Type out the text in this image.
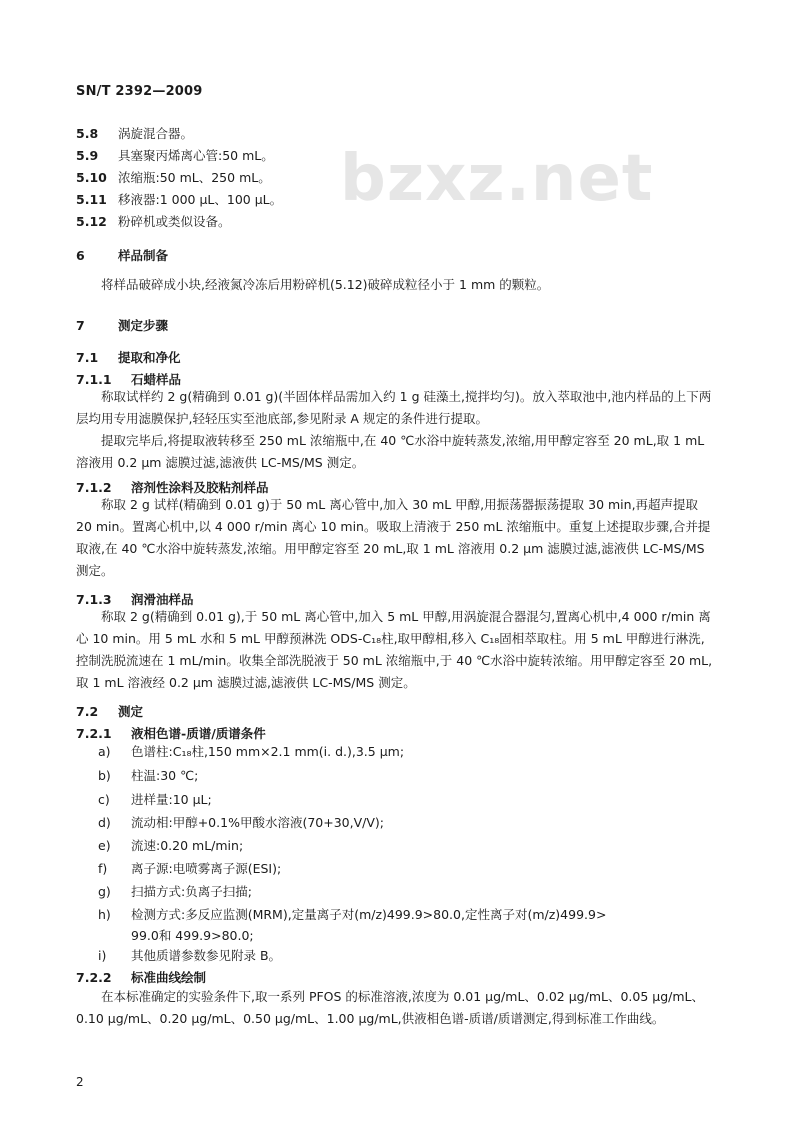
SN/T 2392—2009
bzxz.net
5.8 涡旋混合器。
5.9 具塞聚丙烯离心管:50 mL。
5.10 浓缩瓶:50 mL、250 mL。
5.11 移液器:1 000 μL、100 μL。
5.12 粉碎机或类似设备。
6	样品制备
将样品破碎成小块,经液氮冷冻后用粉碎机(5.12)破碎成粒径小于 1 mm 的颗粒。
7	测定步骤
7.1 提取和净化
7.1.1 石蜡样品
称取试样约 2 g(精确到 0.01 g)(半固体样品需加入约 1 g 硅藻土,搅拌均匀)。放入萃取池中,池内样品的上下两层均用专用滤膜保护,轻轻压实至池底部,参见附录 A 规定的条件进行提取。
提取完毕后,将提取液转移至 250 mL 浓缩瓶中,在 40 ℃水浴中旋转蒸发,浓缩,用甲醇定容至 20 mL,取 1 mL 溶液用 0.2 μm 滤膜过滤,滤液供 LC-MS/MS 测定。
7.1.2 溶剂性涂料及胶粘剂样品
称取 2 g 试样(精确到 0.01 g)于 50 mL 离心管中,加入 30 mL 甲醇,用振荡器振荡提取 30 min,再超声提取 20 min。置离心机中,以 4 000 r/min 离心 10 min。吸取上清液于 250 mL 浓缩瓶中。重复上述提取步骤,合并提取液,在 40 ℃水浴中旋转蒸发,浓缩。用甲醇定容至 20 mL,取 1 mL 溶液用 0.2 μm 滤膜过滤,滤液供 LC-MS/MS 测定。
7.1.3 润滑油样品
称取 2 g(精确到 0.01 g),于 50 mL 离心管中,加入 5 mL 甲醇,用涡旋混合器混匀,置离心机中,4 000 r/min 离心 10 min。用 5 mL 水和 5 mL 甲醇预淋洗 ODS-C₁₈柱,取甲醇相,移入 C₁₈固相萃取柱。用 5 mL 甲醇进行淋洗,控制洗脱流速在 1 mL/min。收集全部洗脱液于 50 mL 浓缩瓶中,于 40 ℃水浴中旋转浓缩。用甲醇定容至 20 mL,取 1 mL 溶液经 0.2 μm 滤膜过滤,滤液供 LC-MS/MS 测定。
7.2 测定
7.2.1 液相色谱-质谱/质谱条件
a) 色谱柱:C₁₈柱,150 mm×2.1 mm(i. d.),3.5 μm;
b) 柱温:30 ℃;
c) 进样量:10 μL;
d) 流动相:甲醇+0.1%甲酸水溶液(70+30,V/V);
e) 流速:0.20 mL/min;
f) 离子源:电喷雾离子源(ESI);
g) 扫描方式:负离子扫描;
h) 检测方式:多反应监测(MRM),定量离子对(m/z)499.9>80.0,定性离子对(m/z)499.9>
99.0和 499.9>80.0;
i) 其他质谱参数参见附录 B。
7.2.2 标准曲线绘制
在本标准确定的实验条件下,取一系列 PFOS 的标准溶液,浓度为 0.01 μg/mL、0.02 μg/mL、0.05 μg/mL、0.10 μg/mL、0.20 μg/mL、0.50 μg/mL、1.00 μg/mL,供液相色谱-质谱/质谱测定,得到标准工作曲线。
2
